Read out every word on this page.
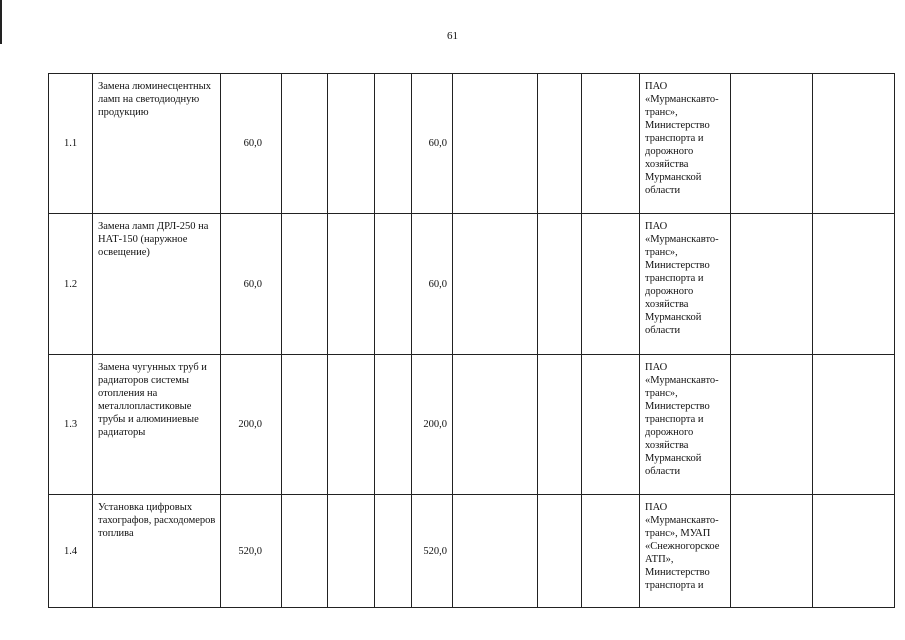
61
1.1	Замена люминесцентных ламп на светодиодную продукцию	60,0				60,0				ПАО «Мурманскавто-транс», Министерство транспорта и дорожного хозяйства Мурманской области		
1.2	Замена ламп ДРЛ-250 на НАТ-150 (наружное освещение)	60,0				60,0				ПАО «Мурманскавто-транс», Министерство транспорта и дорожного хозяйства Мурманской области		
1.3	Замена чугунных труб и радиаторов системы отопления на металлопластиковые трубы и алюминиевые радиаторы	200,0				200,0				ПАО «Мурманскавто-транс», Министерство транспорта и дорожного хозяйства Мурманской области		
1.4	Установка цифровых тахографов, расходомеров топлива	520,0				520,0				ПАО «Мурманскавто-транс», МУАП «Снежногорское АТП», Министерство транспорта и		
